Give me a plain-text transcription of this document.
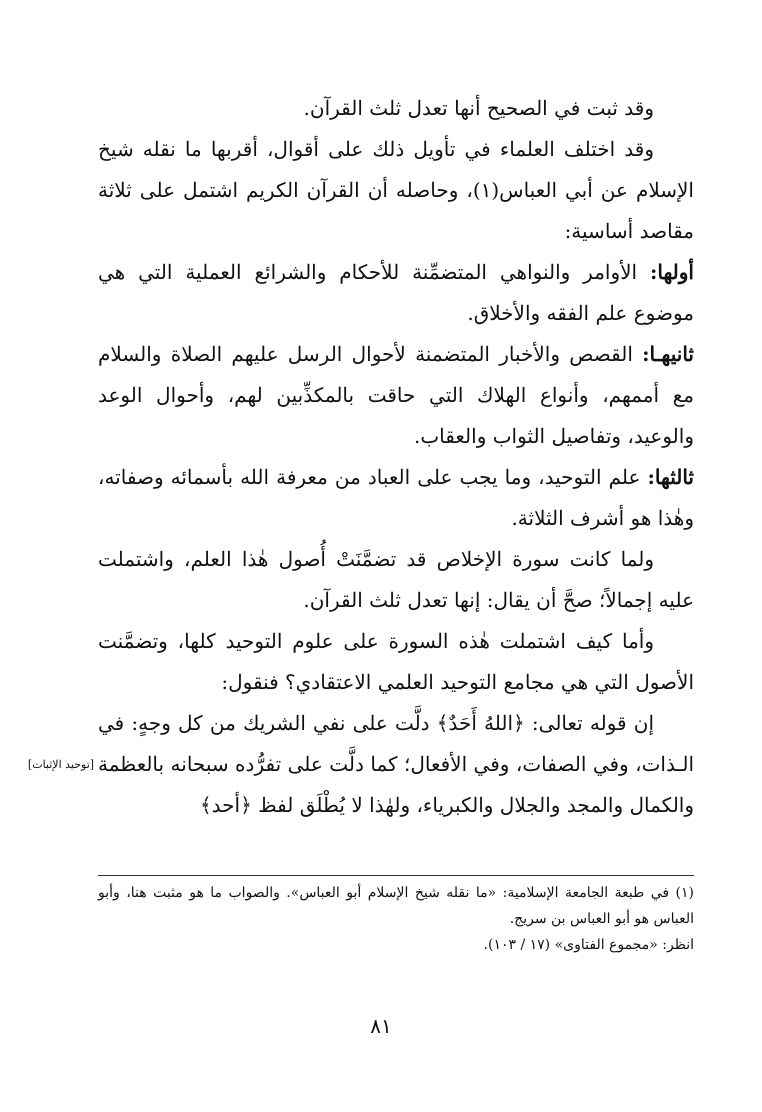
وقد ثبت في الصحيح أنها تعدل ثلث القرآن.

وقد اختلف العلماء في تأويل ذلك على أقوال، أقربها ما نقله شيخ الإسلام عن أبي العباس(١)، وحاصله أن القرآن الكريم اشتمل على ثلاثة مقاصد أساسية:

أولها: الأوامر والنواهي المتضمِّنة للأحكام والشرائع العملية التي هي موضوع علم الفقه والأخلاق.

ثانيهـا: القصص والأخبار المتضمنة لأحوال الرسل عليهم الصلاة والسلام مع أممهم، وأنواع الهلاك التي حاقت بالمكذِّبين لهم، وأحوال الوعد والوعيد، وتفاصيل الثواب والعقاب.

ثالثها: علم التوحيد، وما يجب على العباد من معرفة الله بأسمائه وصفاته، وهٰذا هو أشرف الثلاثة.

ولما كانت سورة الإخلاص قد تضمَّنَتْ أُصول هٰذا العلم، واشتملت عليه إجمالاً؛ صحَّ أن يقال: إنها تعدل ثلث القرآن.

وأما كيف اشتملت هٰذه السورة على علوم التوحيد كلها، وتضمَّنت الأصول التي هي مجامع التوحيد العلمي الاعتقادي؟ فنقول:

إن قوله تعالى: ﴿اللهُ أَحَدٌ﴾ دلَّت على نفي الشريك من كل وجهٍ: في الـذات، وفي الصفات، وفي الأفعال؛ كما دلَّت على تفرُّده سبحانه بالعظمة والكمال والمجد والجلال والكبرياء، ولهٰذا لا يُطْلَق لفظ ﴿أحد﴾

[توحيد الإثبات]

(١) في طبعة الجامعة الإسلامية: «ما نقله شيخ الإسلام أبو العباس». والصواب ما هو مثبت هنا، وأبو العباس هو أبو العباس بن سريج.

انظر: «مجموع الفتاوى» (١٧ / ١٠٣).

٨١
